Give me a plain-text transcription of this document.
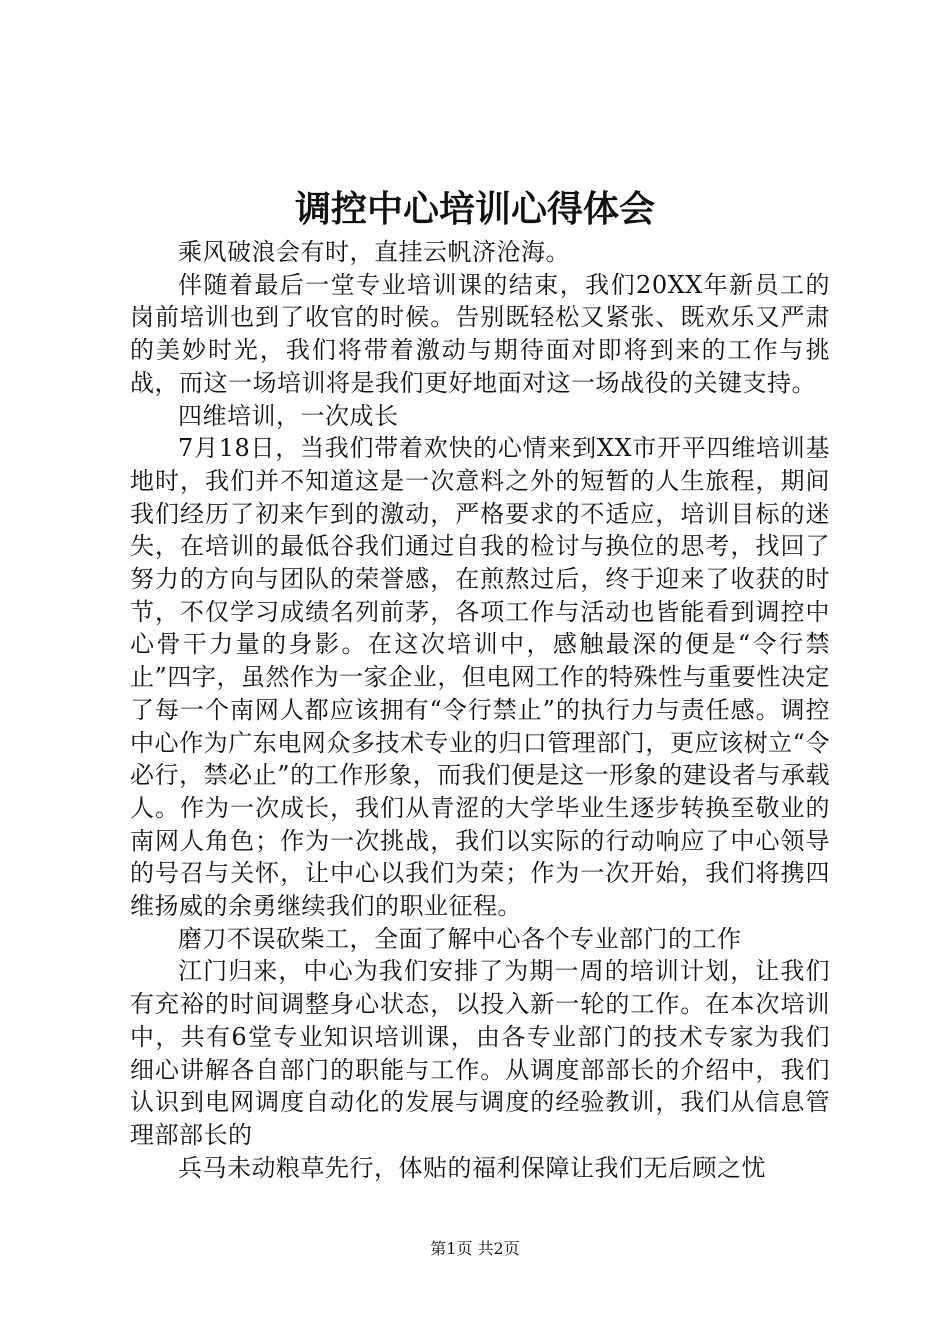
调控中心培训心得体会

乘风破浪会有时，直挂云帆济沧海。

伴随着最后一堂专业培训课的结束，我们20XX年新员工的岗前培训也到了收官的时候。告别既轻松又紧张、既欢乐又严肃的美妙时光，我们将带着激动与期待面对即将到来的工作与挑战，而这一场培训将是我们更好地面对这一场战役的关键支持。

四维培训，一次成长

7月18日，当我们带着欢快的心情来到XX市开平四维培训基地时，我们并不知道这是一次意料之外的短暂的人生旅程，期间我们经历了初来乍到的激动，严格要求的不适应，培训目标的迷失，在培训的最低谷我们通过自我的检讨与换位的思考，找回了努力的方向与团队的荣誉感，在煎熬过后，终于迎来了收获的时节，不仅学习成绩名列前茅，各项工作与活动也皆能看到调控中心骨干力量的身影。在这次培训中，感触最深的便是“令行禁止”四字，虽然作为一家企业，但电网工作的特殊性与重要性决定了每一个南网人都应该拥有“令行禁止”的执行力与责任感。调控中心作为广东电网众多技术专业的归口管理部门，更应该树立“令必行，禁必止”的工作形象，而我们便是这一形象的建设者与承载人。作为一次成长，我们从青涩的大学毕业生逐步转换至敬业的南网人角色；作为一次挑战，我们以实际的行动响应了中心领导的号召与关怀，让中心以我们为荣；作为一次开始，我们将携四维扬威的余勇继续我们的职业征程。

磨刀不误砍柴工，全面了解中心各个专业部门的工作

江门归来，中心为我们安排了为期一周的培训计划，让我们有充裕的时间调整身心状态，以投入新一轮的工作。在本次培训中，共有6堂专业知识培训课，由各专业部门的技术专家为我们细心讲解各自部门的职能与工作。从调度部部长的介绍中，我们认识到电网调度自动化的发展与调度的经验教训，我们从信息管理部部长的

兵马未动粮草先行，体贴的福利保障让我们无后顾之忧

第1页 共2页
